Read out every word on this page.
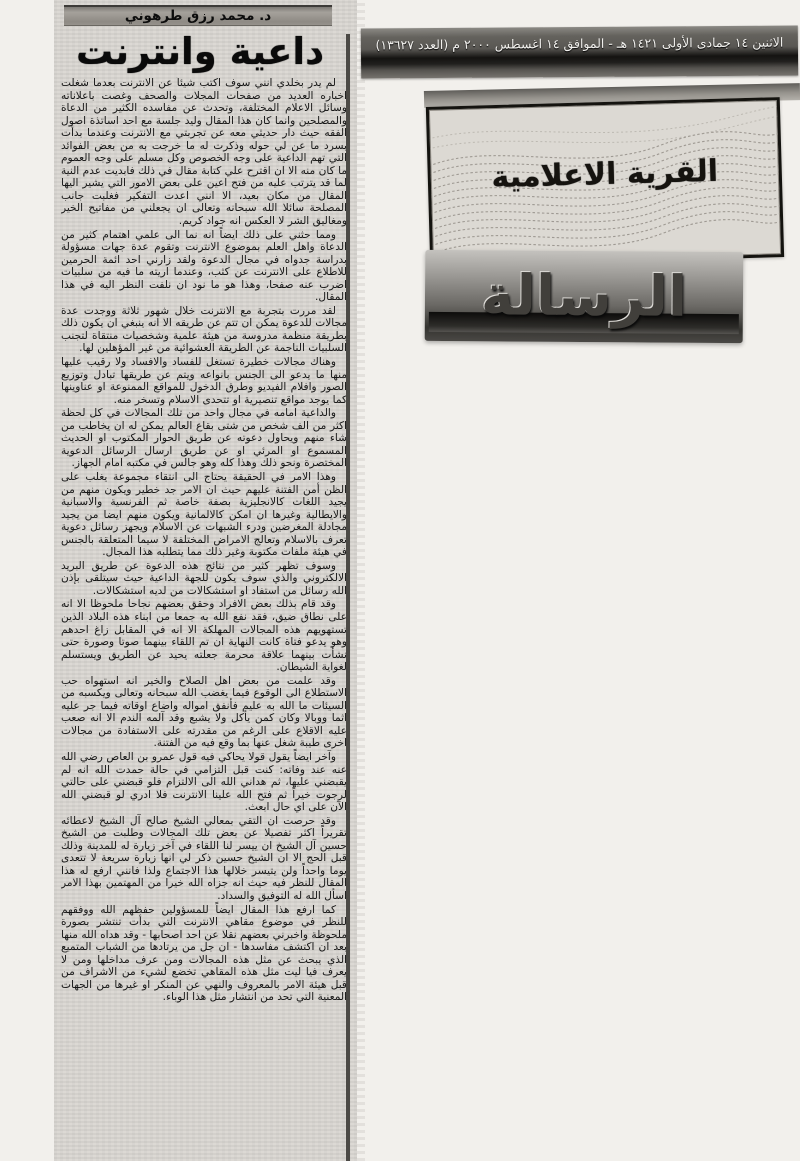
د. محمد رزق طرهوني
داعية وانترنت

لم يدر بخلدي انني سوف اكتب شيئاً عن الانترنت بعدما شغلت اخباره العديد من صفحات المجلات والصحف وغصت باعلاناته وسائل الاعلام المختلفة، وتحدث عن مفاسده الكثير من الدعاة والمصلحين وانما كان هذا المقال وليد جلسة مع احد اساتذة اصول الفقه حيث دار حديثي معه عن تجربتي مع الانترنت وعندما بدأت بسرد ما عن لي حوله وذكرت له ما خرجت به من بعض الفوائد التي تهم الداعية على وجه الخصوص وكل مسلم على وجه العموم ما كان منه الا ان اقترح علي كتابة مقال في ذلك فابديت عدم النية لما قد يترتب عليه من فتح اعين على بعض الامور التي يشير اليها المقال من مكان بعيد، الا انني اعدت التفكير فغلبت جانب المصلحة سائلا الله سبحانه وتعالى ان يجعلني من مفاتيح الخير ومغاليق الشر لا العكس انه جواد كريم.

ومما حثني على ذلك ايضاً انه نما الى علمي اهتمام كثير من الدعاة واهل العلم بموضوع الانترنت وتقوم عدة جهات مسؤولة بدراسة جدواه في مجال الدعوة ولقد زارني احد ائمة الحرمين للاطلاع على الانترنت عن كثب، وعندما اريته ما فيه من سلبيات اضرب عنه صفحا، وهذا هو ما نود ان نلفت النظر اليه في هذا المقال.

لقد مررت بتجربة مع الانترنت خلال شهور ثلاثة ووجدت عدة مجالات للدعوة يمكن ان تتم عن طريقه الا انه ينبغي ان يكون ذلك بطريقة منظمة مدروسة من هيئة علمية وشخصيات منتقاة لتجنب السلبيات الناجمة عن الطريقة العشوائية من غير المؤهلين لها.

وهناك مجالات خطيرة تستغل للفساد والافساد ولا رقيب عليها منها ما يدعو الى الجنس بانواعه ويتم عن طريقها تبادل وتوزيع الصور وافلام الفيديو وطرق الدخول للمواقع الممنوعة او عناوينها كما يوجد مواقع تنصيرية او تتحدى الاسلام وتسخر منه.

والداعية امامه في مجال واحد من تلك المجالات في كل لحظة اكثر من الف شخص من شتى بقاع العالم يمكن له ان يخاطب من شاء منهم ويحاول دعوته عن طريق الحوار المكتوب او الحديث المسموع او المرئي او عن طريق ارسال الرسائل الدعوية المختصرة ونحو ذلك وهذا كله وهو جالس في مكتبه امام الجهاز.

وهذا الامر في الحقيقة يحتاج الى انتقاء مجموعة يغلب على الظن أمن الفتنة عليهم حيث ان الامر جد خطير ويكون منهم من يجيد اللغات كالانجليزية بصفة خاصة ثم الفرنسية والاسبانية والايطالية وغيرها ان امكن كالالمانية ويكون منهم ايضا من يجيد مجادلة المغرضين ودرء الشبهات عن الاسلام ويجهز رسائل دعوية تعرف بالاسلام وتعالج الامراض المختلفة لا سيما المتعلقة بالجنس في هيئة ملفات مكتوبة وغير ذلك مما يتطلبه هذا المجال.

وسوف تظهر كثير من نتائج هذه الدعوة عن طريق البريد الالكتروني والذي سوف يكون للجهة الداعية حيث سيتلقى بإذن الله رسائل من استفاد او استشكالات من لديه استشكالات.

وقد قام بذلك بعض الافراد وحقق بعضهم نجاحا ملحوظا الا انه على نطاق ضيق، فقد نفع الله به جمعا من ابناء هذه البلاد الذين تستهويهم هذه المجالات المهلكة الا انه في المقابل زاغ احدهم وهو يدعو فتاة كانت النهاية ان تم اللقاء بينهما صوتا وصورة حتى نشأت بينهما علاقة محرمة جعلته يحيد عن الطريق ويستسلم لغواية الشيطان.

وقد علمت من بعض اهل الصلاح والخير انه استهواه حب الاستطلاع الى الوقوع فيما يغضب الله سبحانه وتعالى ويكسبه من السيئات ما الله به عليم فأنفق امواله واضاع اوقاته فيما جر عليه اثما ووبالا وكان كمن يأكل ولا يشبع وقد آلمه الندم الا انه صعب عليه الاقلاع على الرغم من مقدرته على الاستفادة من مجالات اخرى طيبة شغل عنها بما وقع فيه من الفتنة.

وآخر ايضاً يقول قولا يحاكي فيه قول عمرو بن العاص رضي الله عنه عند وفاته: كنت قبل التزامي في حالة حمدت الله انه لم يقبضني عليها، ثم هداني الله الى الالتزام فلو قبضني على حالتي لرجوت خيراً ثم فتح الله علينا الانترنت فلا ادري لو قبضني الله الآن على اي حال ابعث.

وقد حرصت ان التقي بمعالي الشيخ صالح آل الشيخ لاعطائه تقريراً اكثر تفصيلا عن بعض تلك المجالات وطلبت من الشيخ حسين آل الشيخ ان ييسر لنا اللقاء في آخر زيارة له للمدينة وذلك قبل الحج الا ان الشيخ حسين ذكر لي انها زيارة سريعة لا تتعدى يوما واحداً ولن يتيسر خلالها هذا الاجتماع ولذا فانني ارفع له هذا المقال للنظر فيه حيث انه جزاه الله خيرا من المهتمين بهذا الامر اسأل الله له التوفيق والسداد.

كما ارفع هذا المقال ايضاً للمسؤولين حفظهم الله ووفقهم للنظر في موضوع مقاهي الانترنت التي بدأت تنتشر بصورة ملحوظة واخبرني بعضهم نقلا عن احد اصحابها - وقد هداه الله منها بعد ان اكتشف مفاسدها - ان جل من يرتادها من الشباب المتميع الذي يبحث عن مثل هذه المجالات ومن عرف مداخلها ومن لا يعرف فيا ليت مثل هذه المقاهي تخضع لشيء من الاشراف من قبل هيئة الامر بالمعروف والنهي عن المنكر او غيرها من الجهات المعنية التي تحد من انتشار مثل هذا الوباء.

الاثنين ١٤ جمادى الأولى ١٤٢١ هـ - الموافق ١٤ اغسطس ٢٠٠٠ م (العدد ١٣٦٢٧)
القرية الاعلامية
الرسالة
